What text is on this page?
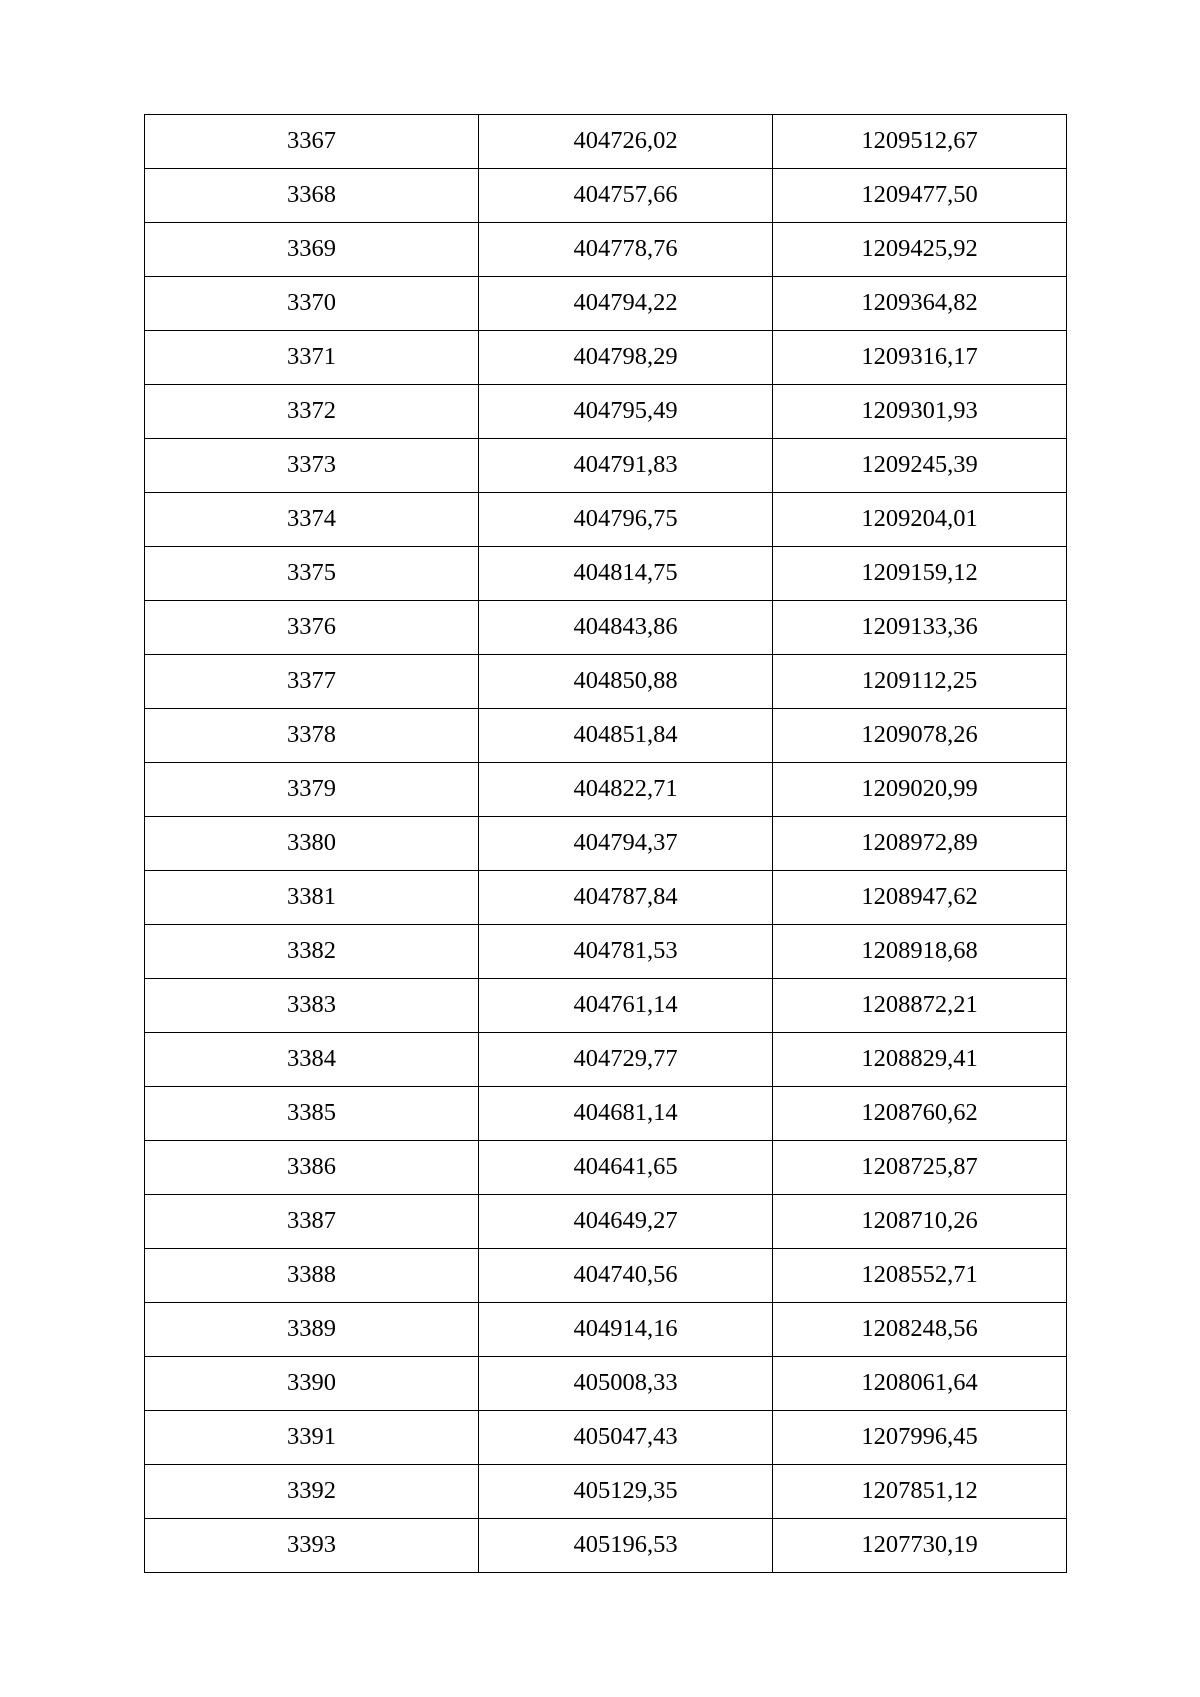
3367	404726,02	1209512,67
3368	404757,66	1209477,50
3369	404778,76	1209425,92
3370	404794,22	1209364,82
3371	404798,29	1209316,17
3372	404795,49	1209301,93
3373	404791,83	1209245,39
3374	404796,75	1209204,01
3375	404814,75	1209159,12
3376	404843,86	1209133,36
3377	404850,88	1209112,25
3378	404851,84	1209078,26
3379	404822,71	1209020,99
3380	404794,37	1208972,89
3381	404787,84	1208947,62
3382	404781,53	1208918,68
3383	404761,14	1208872,21
3384	404729,77	1208829,41
3385	404681,14	1208760,62
3386	404641,65	1208725,87
3387	404649,27	1208710,26
3388	404740,56	1208552,71
3389	404914,16	1208248,56
3390	405008,33	1208061,64
3391	405047,43	1207996,45
3392	405129,35	1207851,12
3393	405196,53	1207730,19
